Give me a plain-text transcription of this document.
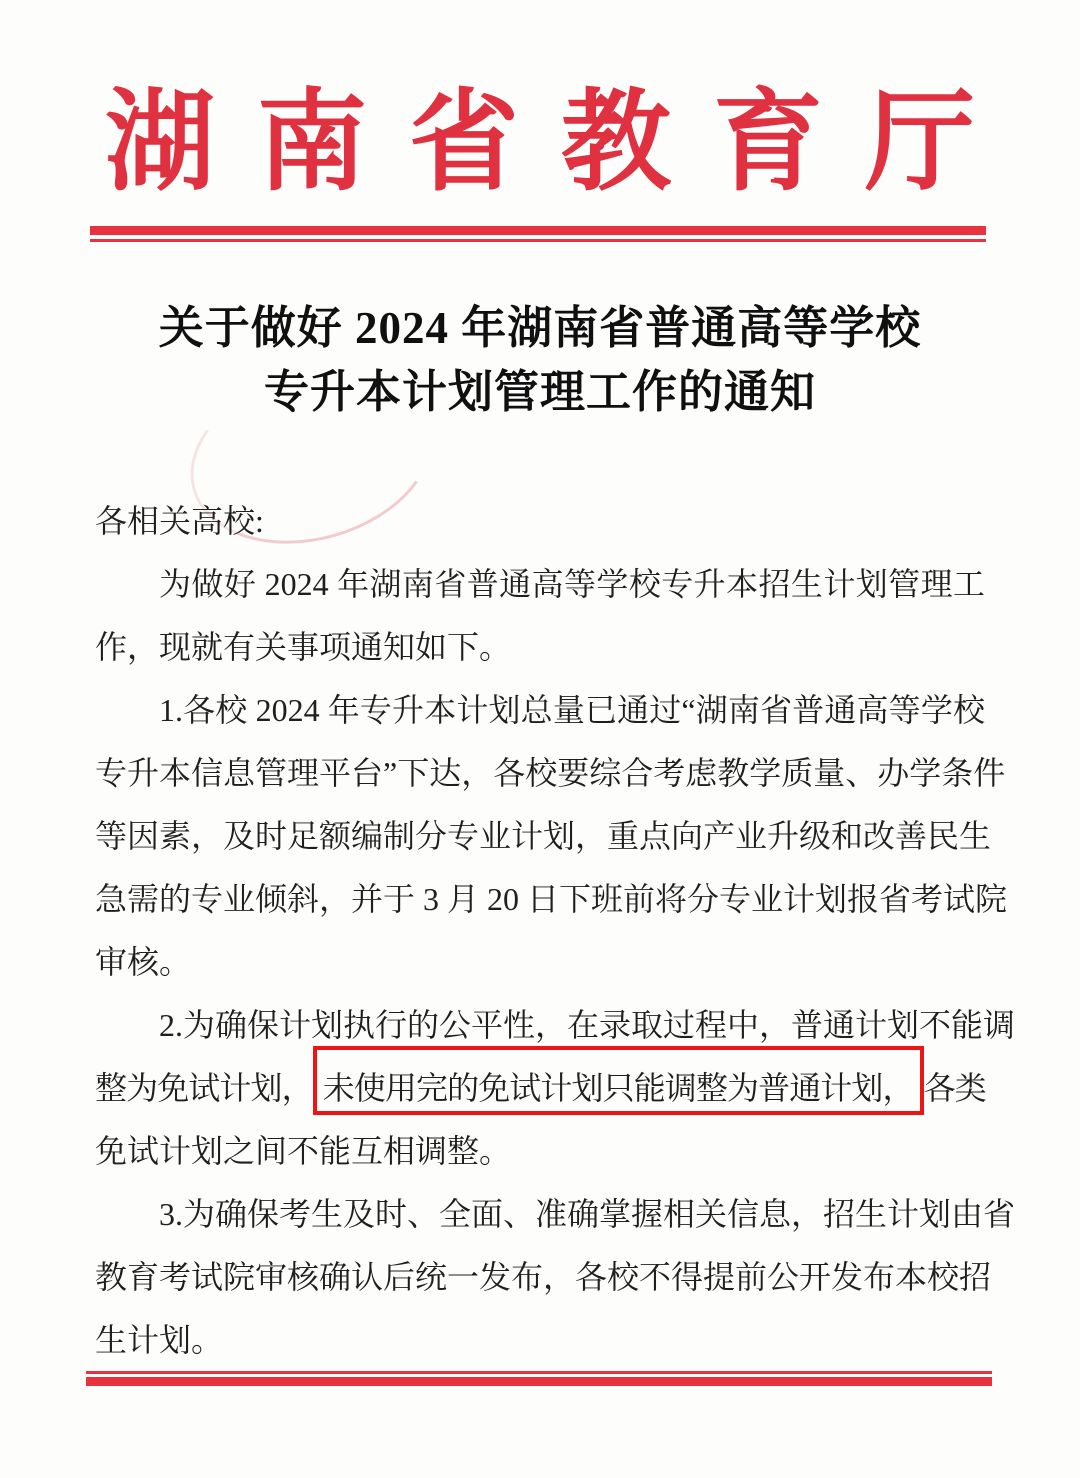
湖南省教育厅
关于做好 2024 年湖南省普通高等学校
专升本计划管理工作的通知
各相关高校:
为做好 2024 年湖南省普通高等学校专升本招生计划管理工
作，现就有关事项通知如下。
1.各校 2024 年专升本计划总量已通过“湖南省普通高等学校
专升本信息管理平台”下达，各校要综合考虑教学质量、办学条件
等因素，及时足额编制分专业计划，重点向产业升级和改善民生
急需的专业倾斜，并于 3 月 20 日下班前将分专业计划报省考试院
审核。
2.为确保计划执行的公平性，在录取过程中，普通计划不能调
整为免试计划， 未使用完的免试计划只能调整为普通计划， 各类
免试计划之间不能互相调整。
3.为确保考生及时、全面、准确掌握相关信息，招生计划由省
教育考试院审核确认后统一发布，各校不得提前公开发布本校招
生计划。
